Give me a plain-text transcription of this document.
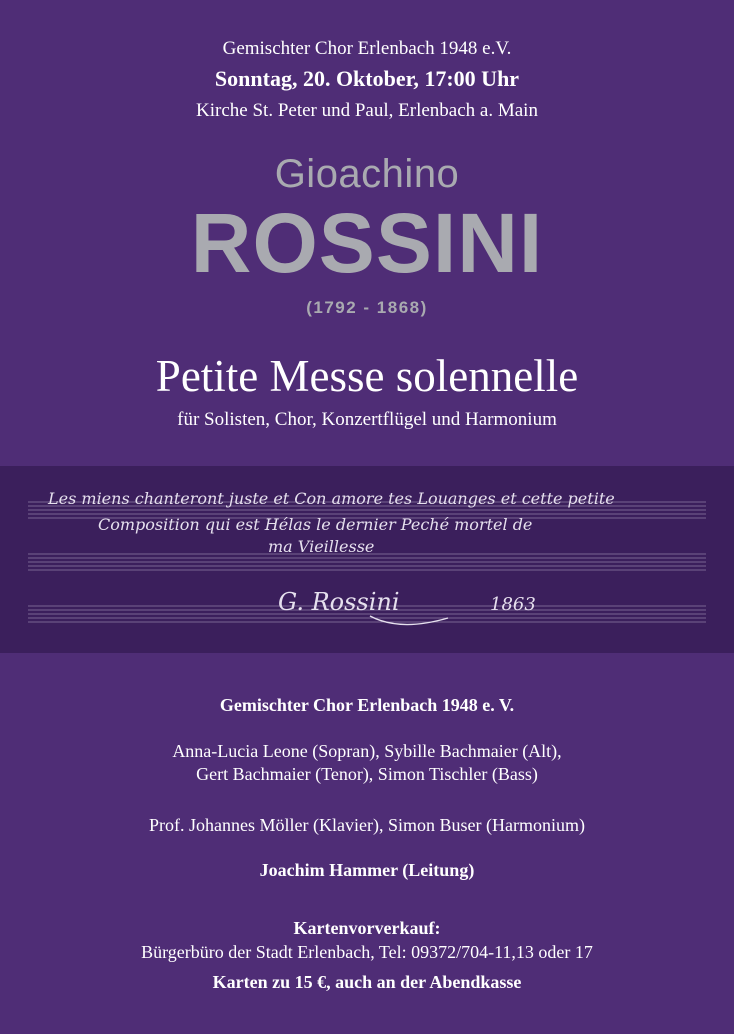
Gemischter Chor Erlenbach 1948 e.V.
Sonntag, 20. Oktober, 17:00 Uhr
Kirche St. Peter und Paul, Erlenbach a. Main
Gioachino
ROSSINI
(1792 - 1868)
Petite Messe solennelle
für Solisten, Chor, Konzertflügel und Harmonium
Les miens chanteront juste et Con amore tes Louanges et cette petite
Composition qui est Hélas le dernier Peché mortel de
ma Vieillesse
G. Rossini	1863
Gemischter Chor Erlenbach 1948 e. V.
Anna-Lucia Leone (Sopran), Sybille Bachmaier (Alt),
Gert Bachmaier (Tenor), Simon Tischler (Bass)
Prof. Johannes Möller (Klavier), Simon Buser (Harmonium)
Joachim Hammer (Leitung)
Kartenvorverkauf:
Bürgerbüro der Stadt Erlenbach, Tel: 09372/704-11,13 oder 17
Karten zu 15 €, auch an der Abendkasse
